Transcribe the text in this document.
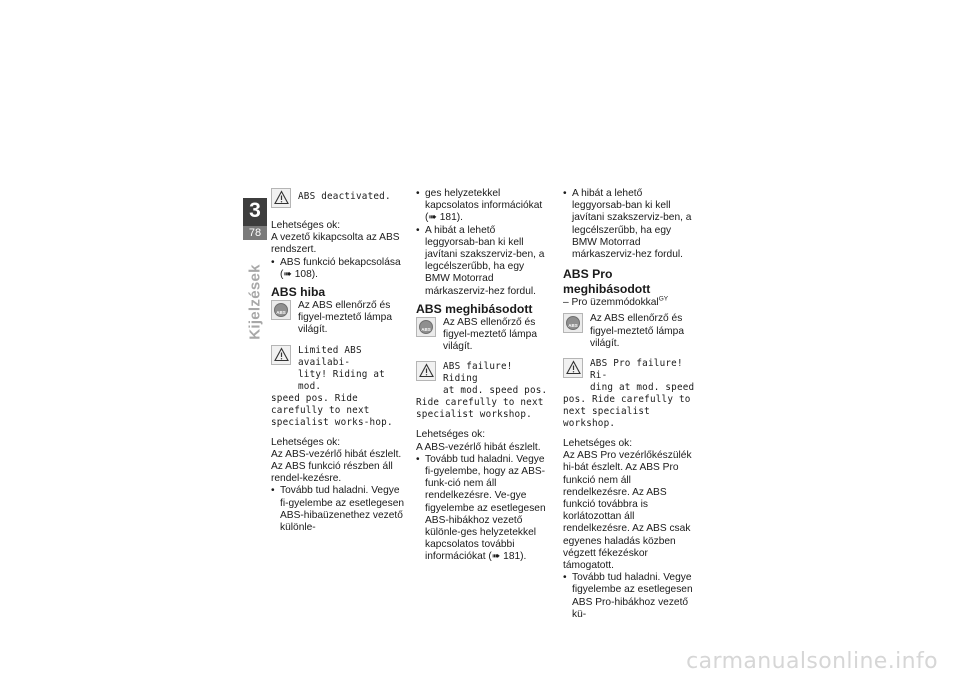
3
78
Kijelzések
ABS deactivated.

Lehetséges ok:

A vezető kikapcsolta az ABS rendszert.

• ABS funkció bekapcsolása (➠ 108).

ABS hiba
ABS

Az ABS ellenőrző és figyel-meztető lámpa világít.

Limited ABS availabi-
lity! Riding at mod.
speed pos. Ride carefully to next specialist works-hop.

Lehetséges ok:

Az ABS-vezérlő hibát észlelt. Az ABS funkció részben áll rendel-kezésre.

• Tovább tud haladni. Vegye fi-gyelembe az esetlegesen ABS-hibaüzenethez vezető különle-

• ges helyzetekkel kapcsolatos információkat (➠ 181).

• A hibát a lehető leggyorsab-ban ki kell javítani szakszerviz-ben, a legcélszerűbb, ha egy BMW Motorrad márkaszerviz-hez fordul.

ABS meghibásodott
ABS

Az ABS ellenőrző és figyel-meztető lámpa világít.

ABS failure! Riding
at mod. speed pos.
Ride carefully to next specialist workshop.

Lehetséges ok:

A ABS-vezérlő hibát észlelt.

• Tovább tud haladni. Vegye fi-gyelembe, hogy az ABS-funk-ció nem áll rendelkezésre. Ve-gye figyelembe az esetlegesen ABS-hibákhoz vezető különle-ges helyzetekkel kapcsolatos további információkat (➠ 181).

• A hibát a lehető leggyorsab-ban ki kell javítani szakszerviz-ben, a legcélszerűbb, ha egy BMW Motorrad márkaszerviz-hez fordul.

ABS Pro meghibásodott

– Pro üzemmódokkal$^{GY}$

ABS

Az ABS ellenőrző és figyel-meztető lámpa világít.

ABS Pro failure! Ri-
ding at mod. speed
pos. Ride carefully to next specialist workshop.

Lehetséges ok:

Az ABS Pro vezérlőkészülék hi-bát észlelt. Az ABS Pro funkció nem áll rendelkezésre. Az ABS funkció továbbra is korlátozottan áll rendelkezésre. Az ABS csak egyenes haladás közben végzett fékezéskor támogatott.

• Tovább tud haladni. Vegye figyelembe az esetlegesen ABS Pro-hibákhoz vezető kü-

carmanualsonline.info
